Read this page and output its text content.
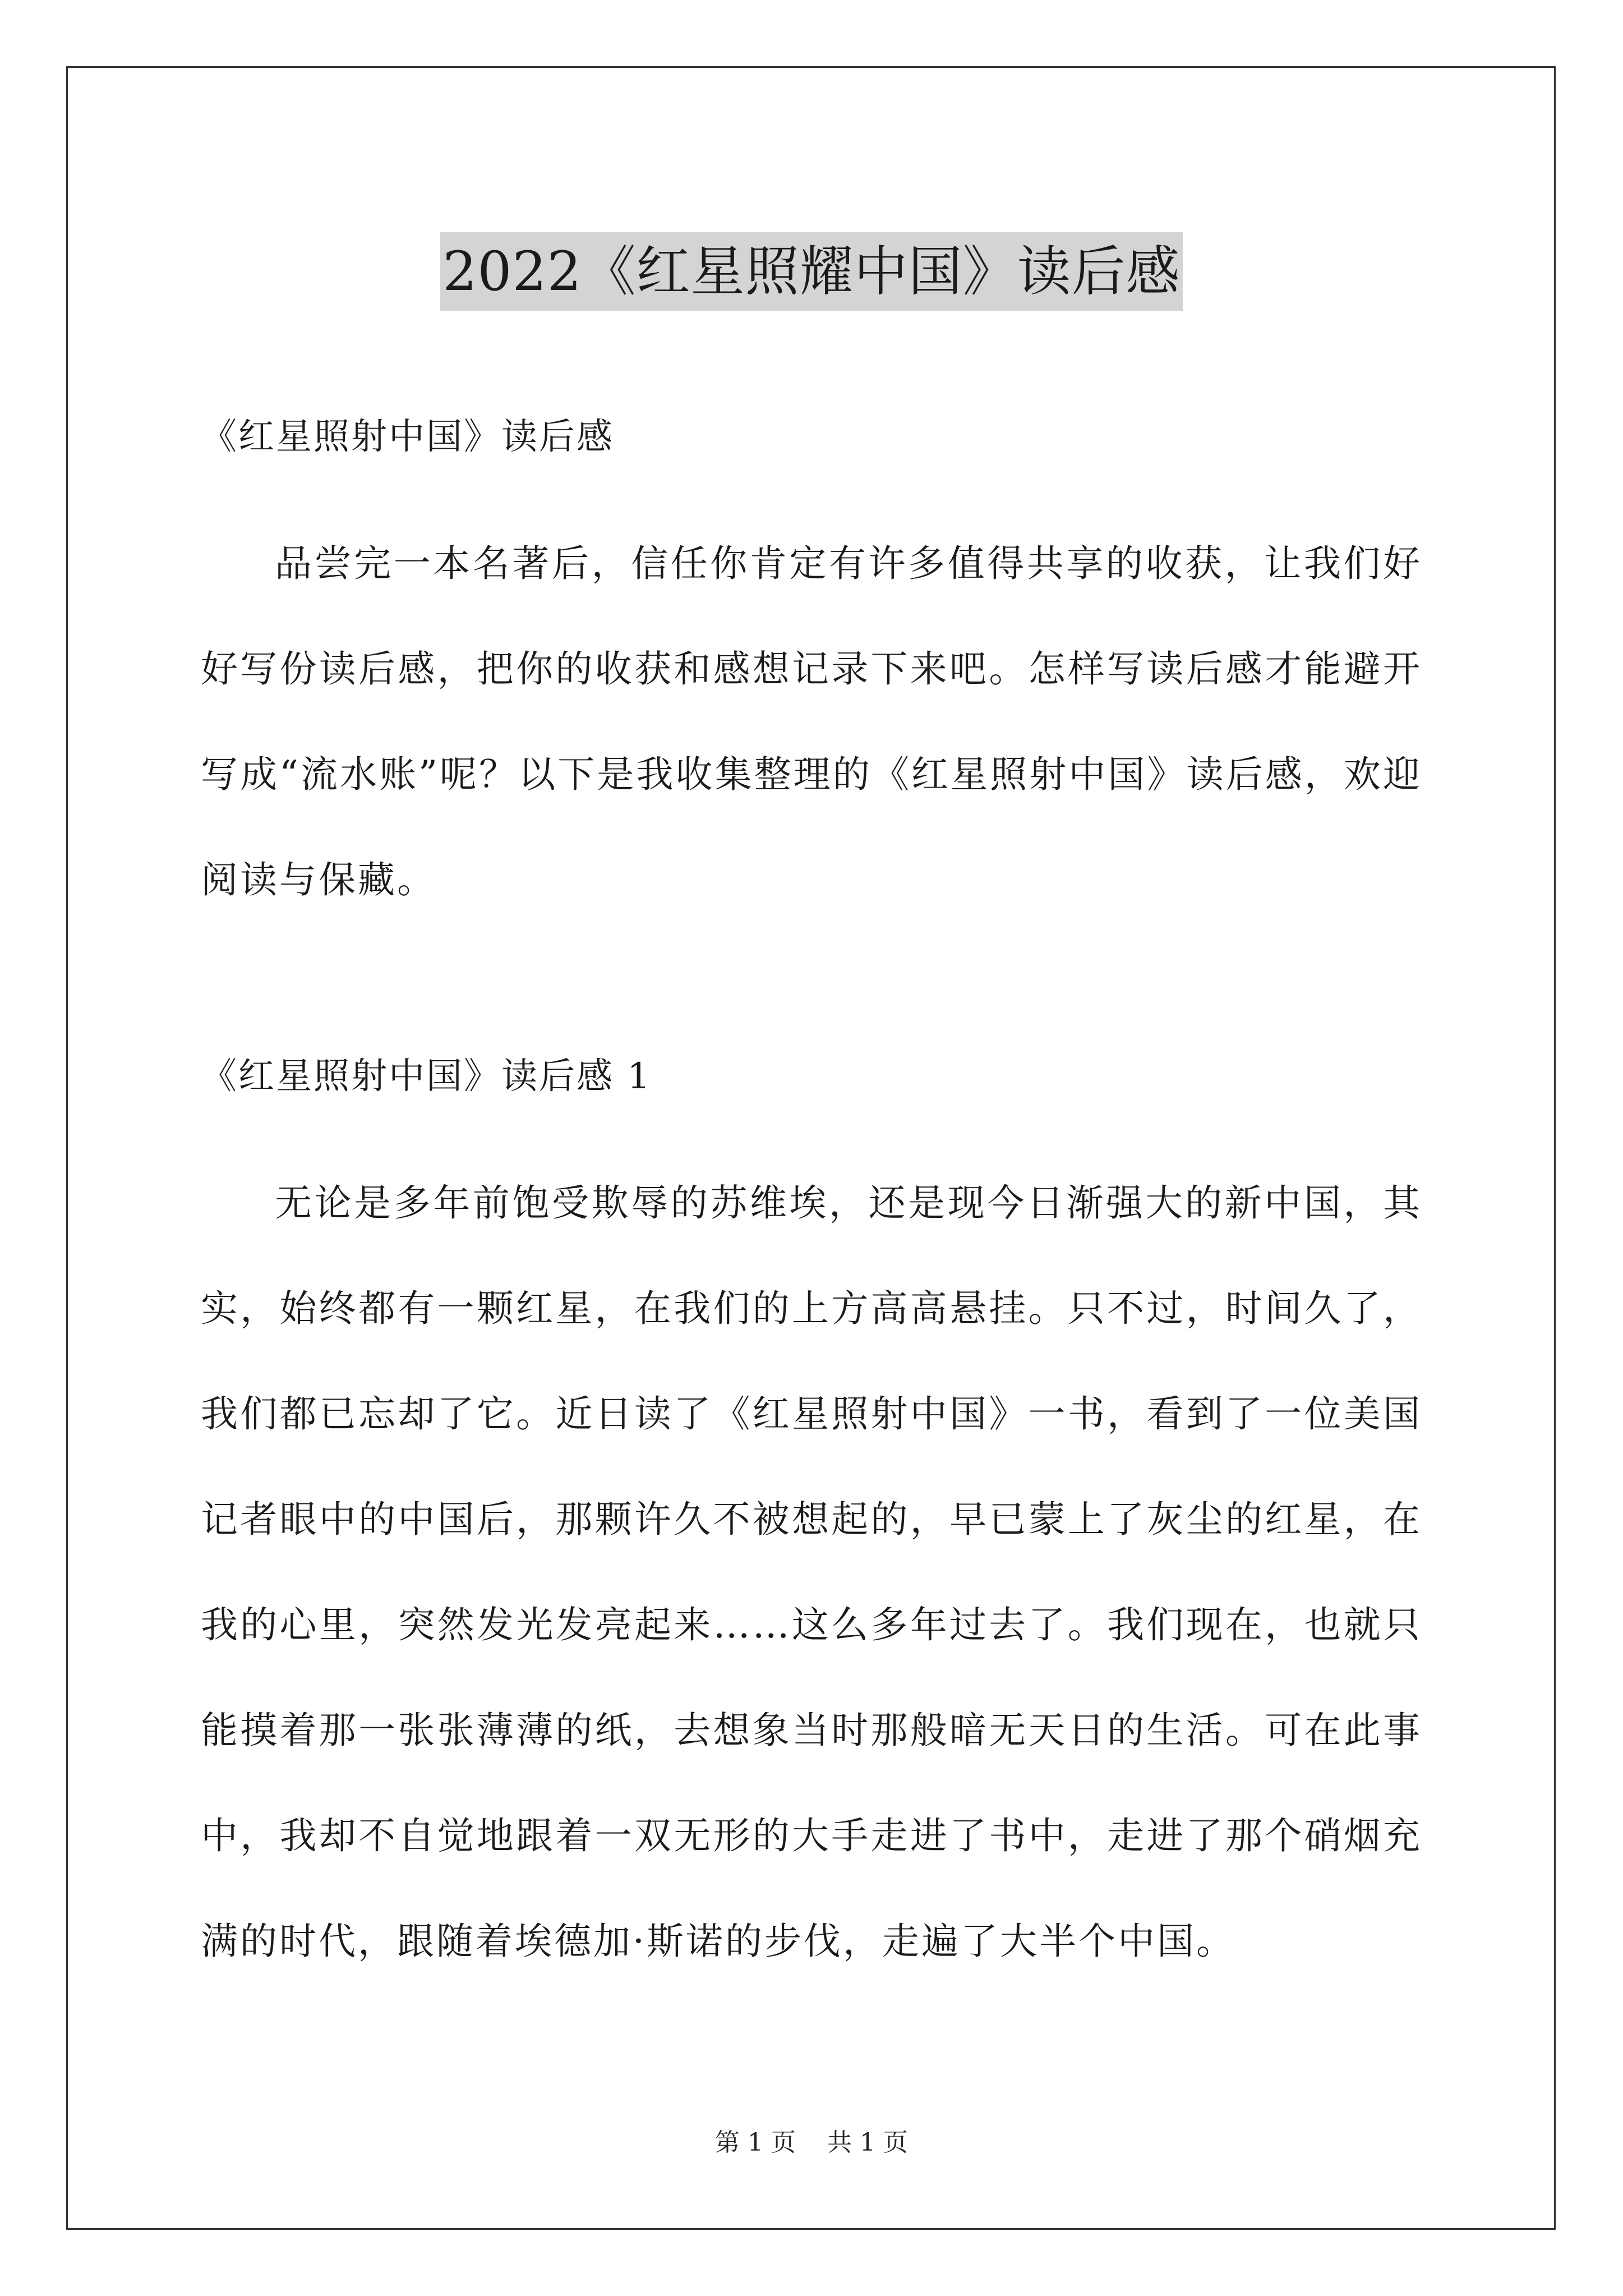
2022《红星照耀中国》读后感
《红星照射中国》读后感

品尝完一本名著后，信任你肯定有许多值得共享的收获，让我们好好写份读后感，把你的收获和感想记录下来吧。怎样写读后感才能避开写成“流水账”呢？以下是我收集整理的《红星照射中国》读后感，欢迎阅读与保藏。

《红星照射中国》读后感 1

无论是多年前饱受欺辱的苏维埃，还是现今日渐强大的新中国，其实，始终都有一颗红星，在我们的上方高高悬挂。只不过，时间久了，我们都已忘却了它。近日读了《红星照射中国》一书，看到了一位美国记者眼中的中国后，那颗许久不被想起的，早已蒙上了灰尘的红星，在我的心里，突然发光发亮起来……这么多年过去了。我们现在，也就只能摸着那一张张薄薄的纸，去想象当时那般暗无天日的生活。可在此事中，我却不自觉地跟着一双无形的大手走进了书中，走进了那个硝烟充满的时代，跟随着埃德加·斯诺的步伐，走遍了大半个中国。

第 1 页 共 1 页
